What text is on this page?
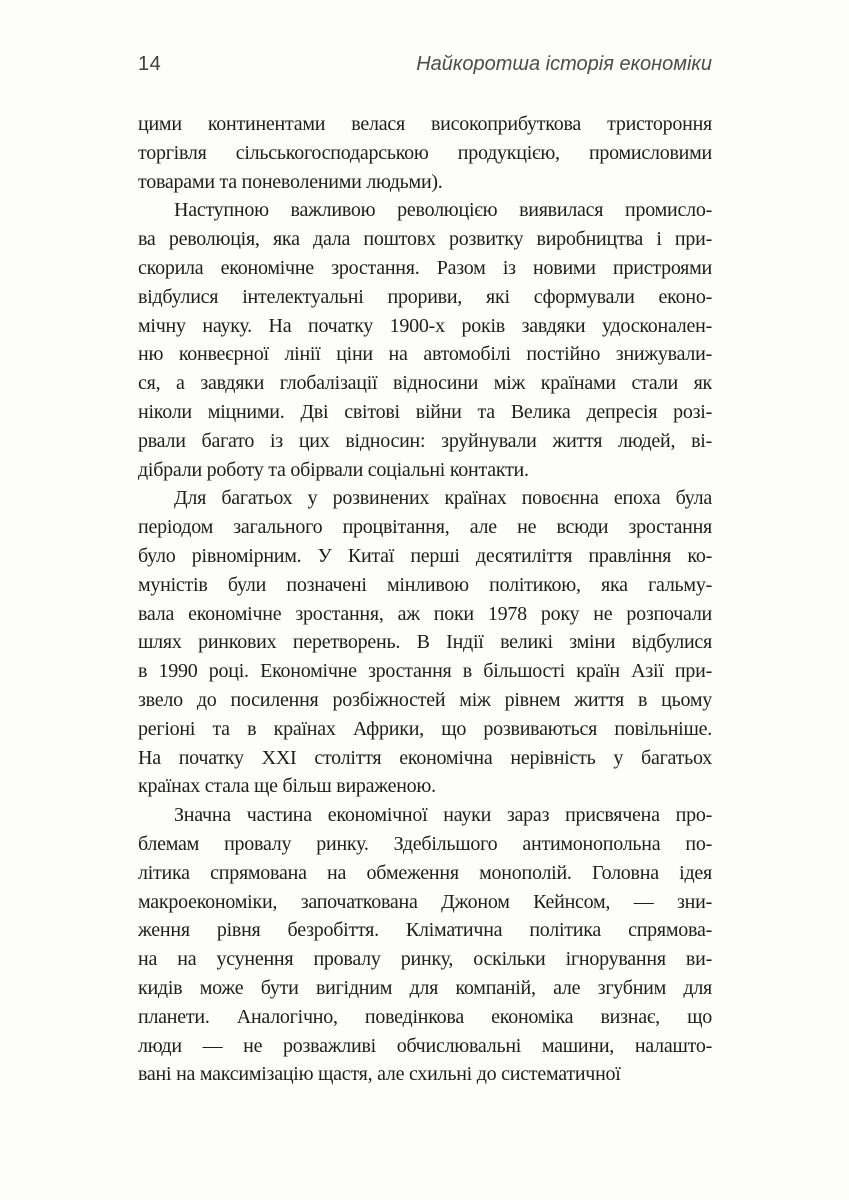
14	Найкоротша історія економіки
цими континентами велася високоприбуткова тристороння
торгівля сільськогосподарською продукцією, промисловими
товарами та поневоленими людьми).
Наступною важливою революцією виявилася промисло-
ва революція, яка дала поштовх розвитку виробництва і при-
скорила економічне зростання. Разом із новими пристроями
відбулися інтелектуальні прориви, які сформували еконо-
мічну науку. На початку 1900-х років завдяки удосконален-
ню конвеєрної лінії ціни на автомобілі постійно знижували-
ся, а завдяки глобалізації відносини між країнами стали як
ніколи міцними. Дві світові війни та Велика депресія розі-
рвали багато із цих відносин: зруйнували життя людей, ві-
дібрали роботу та обірвали соціальні контакти.
Для багатьох у розвинених країнах повоєнна епоха була
періодом загального процвітання, але не всюди зростання
було рівномірним. У Китаї перші десятиліття правління ко-
муністів були позначені мінливою політикою, яка гальму-
вала економічне зростання, аж поки 1978 року не розпочали
шлях ринкових перетворень. В Індії великі зміни відбулися
в 1990 році. Економічне зростання в більшості країн Азії при-
звело до посилення розбіжностей між рівнем життя в цьому
регіоні та в країнах Африки, що розвиваються повільніше.
На початку XXI століття економічна нерівність у багатьох
країнах стала ще більш вираженою.
Значна частина економічної науки зараз присвячена про-
блемам провалу ринку. Здебільшого антимонопольна по-
літика спрямована на обмеження монополій. Головна ідея
макроекономіки, започаткована Джоном Кейнсом, — зни-
ження рівня безробіття. Кліматична політика спрямова-
на на усунення провалу ринку, оскільки ігнорування ви-
кидів може бути вигідним для компаній, але згубним для
планети. Аналогічно, поведінкова економіка визнає, що
люди — не розважливі обчислювальні машини, налашто-
вані на максимізацію щастя, але схильні до систематичної
